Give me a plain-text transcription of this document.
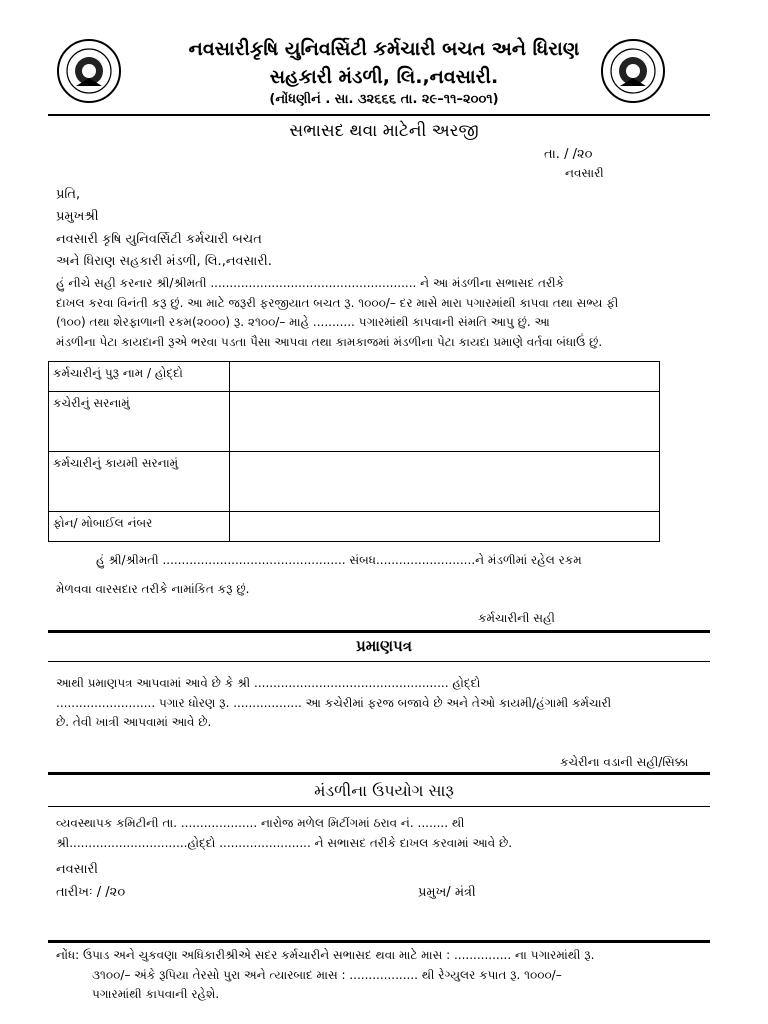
નવસારીકૃષિ યુનિવર્સિટી કર્મચારી બચત અને ધિરાણ
સહકારી મંડળી, લિ.,નવસારી.
(નોંધણીનં . સા. ૩૨૬૬૬ તા. ૨૯–૧૧–૨૦૦૧)
સભાસદ થવા માટેની અરજી
તા. / /૨૦
નવસારી
પ્રતિ,
પ્રમુખશ્રી
નવસારી કૃષિ યુનિવર્સિટી કર્મચારી બચત
અને ધિરાણ સહકારી મંડળી, લિ.,નવસારી.
હું નીચે સહી કરનાર શ્રી/શ્રીમતી ...................................................... ને આ મંડળીના સભાસદ તરીકે
દાખલ કરવા વિનંતી કરૂ છું. આ માટે જરૂરી ફરજીયાત બચત રૂ. ૧૦૦૦/– દર માસે મારા પગારમાંથી કાપવા તથા સભ્ય ફી
(૧૦૦) તથા શેરફાળાની રકમ(૨૦૦૦) રૂ. ૨૧૦૦/– માહે ........... પગારમાંથી કાપવાની સંમતિ આપુ છું. આ
મંડળીના પેટા કાયદાની રૂએ ભરવા પડતા પૈસા આપવા તથા કામકાજમાં મંડળીના પેટા કાયદા પ્રમાણે વર્તવા બંધાઉં છું.
કર્મચારીનું પુરૂ નામ / હોદ્દો	
કચેરીનું સરનામું	
કર્મચારીનું કાયમી સરનામું	
ફોન/ મોબાઈલ નંબર	
હું શ્રી/શ્રીમતી ................................................ સંબધ..........................ને મંડળીમાં રહેલ રકમ
મેળવવા વારસદાર તરીકે નામાંકિત કરૂ છું.
કર્મચારીની સહી
પ્રમાણપત્ર
આથી પ્રમાણપત્ર આપવામાં આવે છે કે શ્રી ................................................... હોદ્દો
.......................... પગાર ધોરણ રૂ. .................. આ કચેરીમાં ફરજ બજાવે છે અને તેઓ કાયમી/હંગામી કર્મચારી
છે. તેવી ખાત્રી આપવામાં આવે છે.
કચેરીના વડાની સહી/સિક્કા
મંડળીના ઉપયોગ સારૂ
વ્યવસ્થાપક કમિટીની તા. .................... નારોજ મળેલ મિટીંગમાં ઠરાવ નં. ........ થી
શ્રી...............................હોદ્દો ........................ ને સભાસદ તરીકે દાખલ કરવામાં આવે છે.
નવસારી
તારીખઃ / /૨૦	પ્રમુખ/ મંત્રી
નોંધ: ઉપાડ અને ચુકવણા અધિકારીશ્રીએ સદર કર્મચારીને સભાસદ થવા માટે માસ : ............... ના પગારમાંથી રૂ.
૩૧૦૦/– અંકે રૂપિયા તેરસો પુરા અને ત્યારબાદ માસ : .................. થી રેગ્યુલર કપાત રૂ. ૧૦૦૦/–
પગારમાંથી કાપવાની રહેશે.
